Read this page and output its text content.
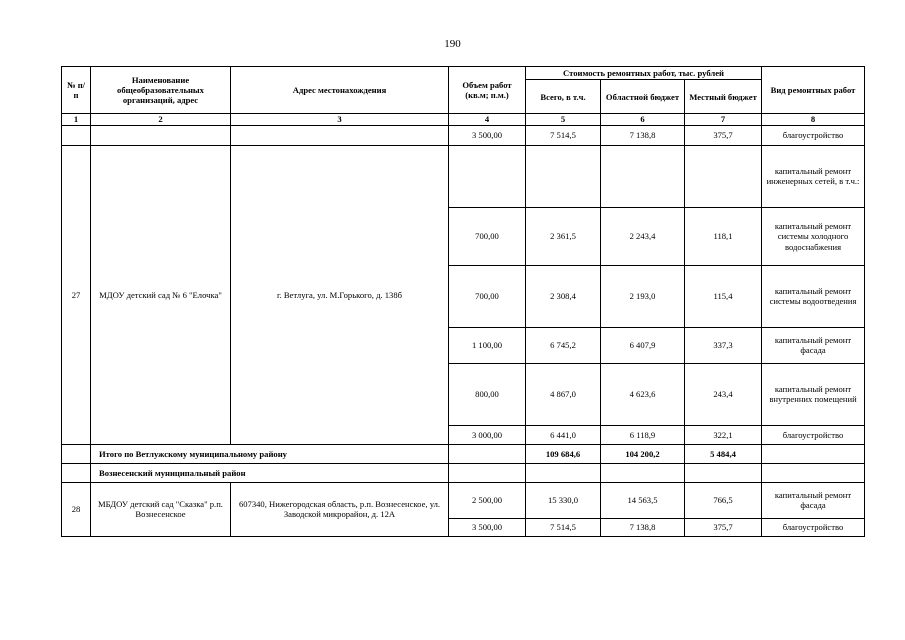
190
№ п/п	Наименование общеобразовательных организаций, адрес	Адрес местонахождения	Объем работ (кв.м; п.м.)	Стоимость ремонтных работ, тыс. рублей			Вид ремонтных работ
				Всего, в т.ч.	Областной бюджет	Местный бюджет	
1	2	3	4	5	6	7	8
			3 500,00	7 514,5	7 138,8	375,7	благоустройство
27	МДОУ детский сад № 6 "Елочка"	г. Ветлуга, ул. М.Горького, д. 138б					капитальный ремонт инженерных сетей, в т.ч.:
			700,00	2 361,5	2 243,4	118,1	капитальный ремонт системы холодного водоснабжения
			700,00	2 308,4	2 193,0	115,4	капитальный ремонт системы водоотведения
			1 100,00	6 745,2	6 407,9	337,3	капитальный ремонт фасада
			800,00	4 867,0	4 623,6	243,4	капитальный ремонт внутренних помещений
			3 000,00	6 441,0	6 118,9	322,1	благоустройство
	Итого по Ветлужскому муниципальному району			109 684,6	104 200,2	5 484,4	
	Вознесенский муниципальный район						
28	МБДОУ детский сад "Сказка" р.п. Вознесенское	607340, Нижегородская область, р.п. Вознесенское, ул. Заводской микрорайон, д. 12А	2 500,00	15 330,0	14 563,5	766,5	капитальный ремонт фасада
			3 500,00	7 514,5	7 138,8	375,7	благоустройство
